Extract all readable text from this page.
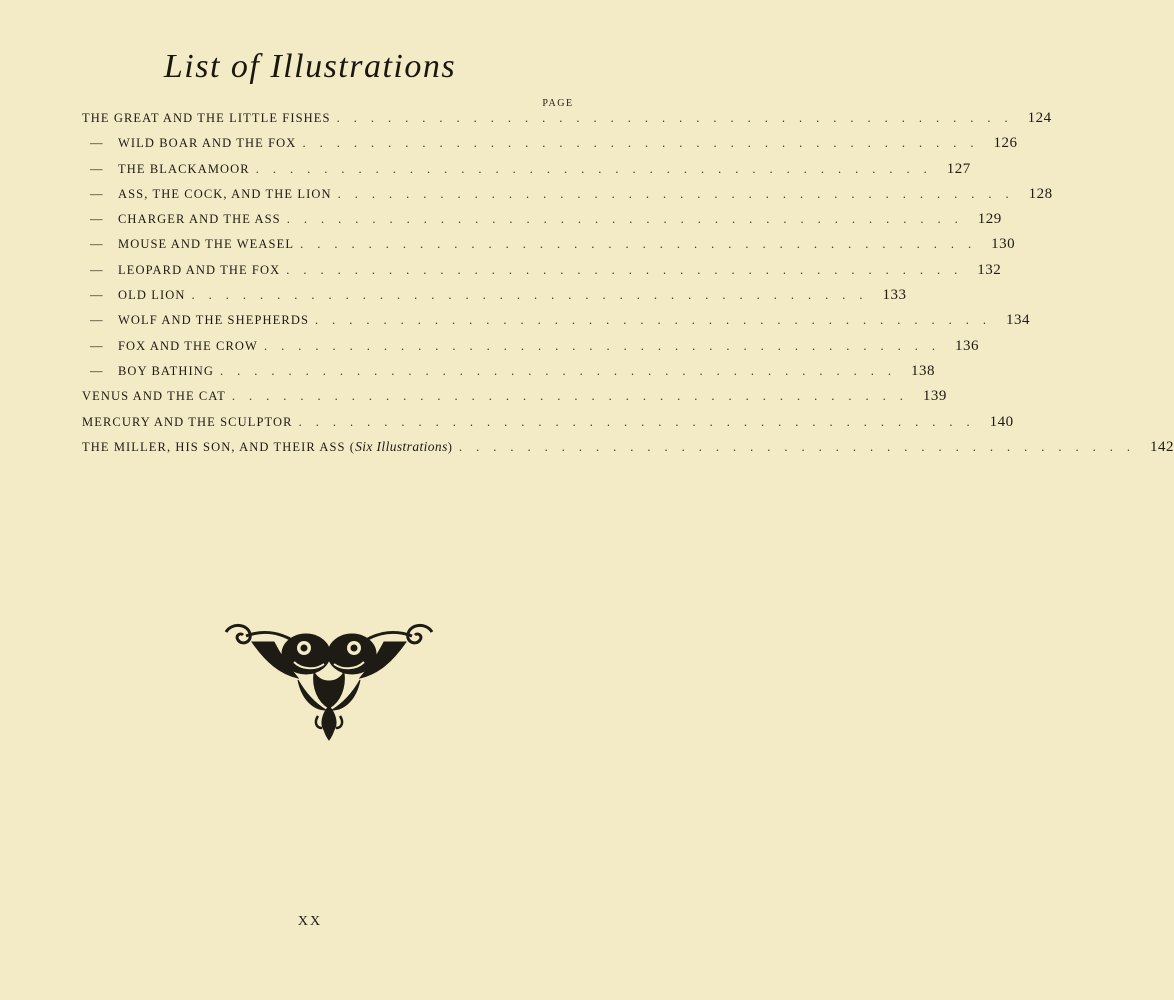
List of Illustrations
PAGE
THE GREAT AND THE LITTLE FISHES ........................................ 124
— WILD BOAR AND THE FOX ........................................ 126
— THE BLACKAMOOR ........................................ 127
— ASS, THE COCK, AND THE LION ........................................ 128
— CHARGER AND THE ASS ........................................ 129
— MOUSE AND THE WEASEL ........................................ 130
— LEOPARD AND THE FOX ........................................ 132
— OLD LION ........................................ 133
— WOLF AND THE SHEPHERDS ........................................ 134
— FOX AND THE CROW ........................................ 136
— BOY BATHING ........................................ 138
VENUS AND THE CAT ........................................ 139
MERCURY AND THE SCULPTOR ........................................ 140
THE MILLER, HIS SON, AND THEIR ASS (Six Illustrations) ........................................ 142
XX
